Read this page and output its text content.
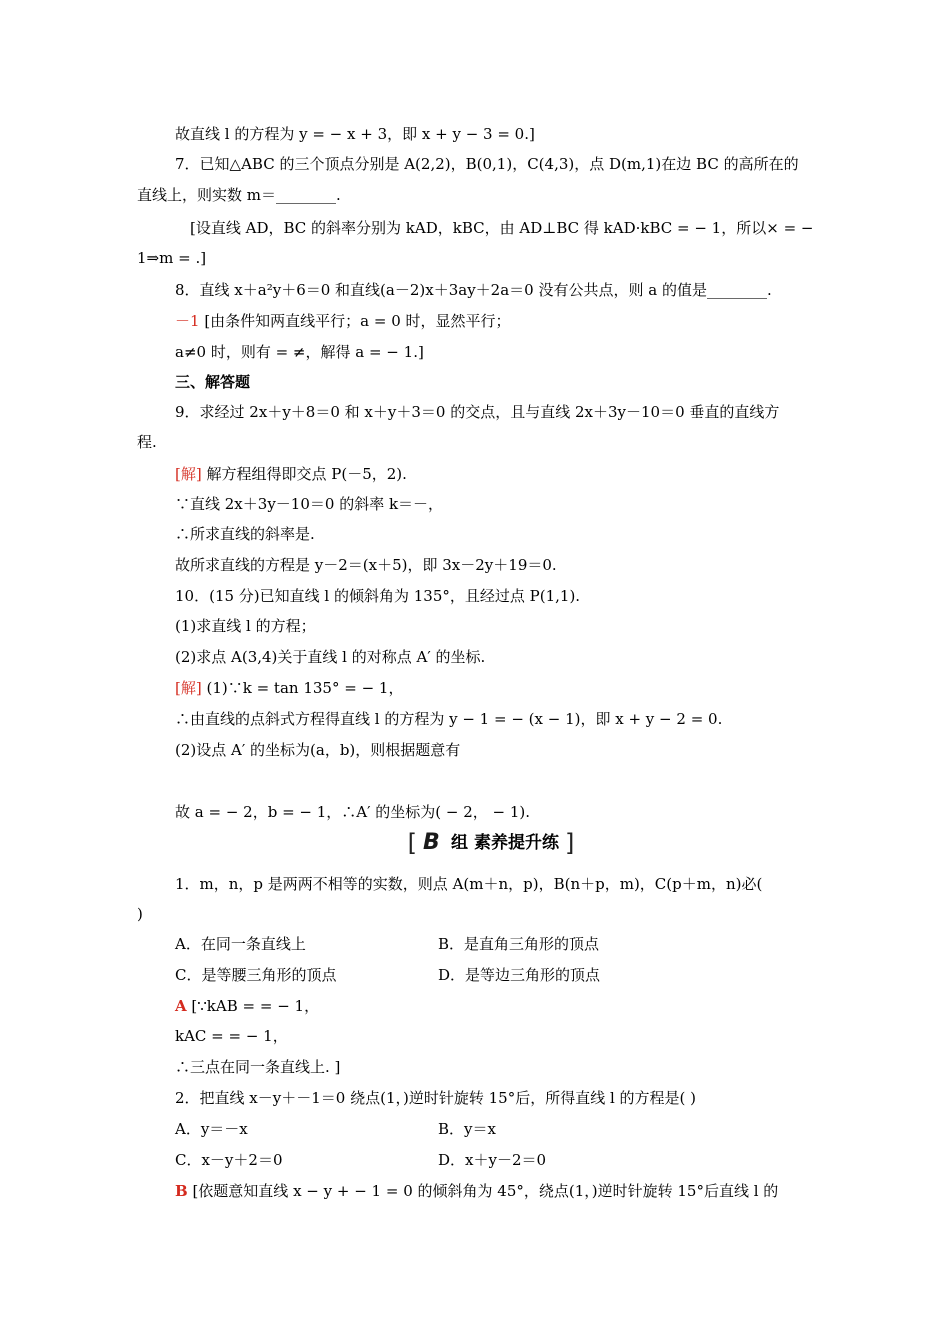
故直线 l 的方程为 y = − x + 3，即 x + y − 3 = 0.]
7．已知△ABC 的三个顶点分别是 A(2,2)，B(0,1)，C(4,3)，点 D(m,1)在边 BC 的高所在的
直线上，则实数 m＝________.
[设直线 AD，BC 的斜率分别为 kAD，kBC，由 AD⊥BC 得 kAD·kBC = − 1，所以× = −
1⇒m = .]
8．直线 x＋a²y＋6＝0 和直线(a－2)x＋3ay＋2a＝0 没有公共点，则 a 的值是________.
－1 [由条件知两直线平行；a = 0 时，显然平行；
a≠0 时，则有 = ≠，解得 a = − 1.]
三、解答题
9．求经过 2x＋y＋8＝0 和 x＋y＋3＝0 的交点，且与直线 2x＋3y－10＝0 垂直的直线方
程.
[解] 解方程组得即交点 P(－5，2).
∵直线 2x＋3y－10＝0 的斜率 k＝－，
∴所求直线的斜率是.
故所求直线的方程是 y－2＝(x＋5)，即 3x－2y＋19＝0.
10．(15 分)已知直线 l 的倾斜角为 135°，且经过点 P(1,1).
(1)求直线 l 的方程；
(2)求点 A(3,4)关于直线 l 的对称点 A′ 的坐标.
[解] (1)∵k = tan 135° = − 1，
∴由直线的点斜式方程得直线 l 的方程为 y − 1 = − (x − 1)，即 x + y − 2 = 0.
(2)设点 A′ 的坐标为(a，b)，则根据题意有
故 a = − 2，b = − 1，∴A′ 的坐标为( − 2， − 1).
[ B 组 素养提升练 ]
1．m，n，p 是两两不相等的实数，则点 A(m＋n，p)，B(n＋p，m)，C(p＋m，n)必(
)
A．在同一条直线上	B．是直角三角形的顶点
C．是等腰三角形的顶点	D．是等边三角形的顶点
A [∵kAB = = − 1，
kAC = = − 1，
∴三点在同一条直线上. ]
2．把直线 x－y＋－1＝0 绕点(1，)逆时针旋转 15°后，所得直线 l 的方程是( )
A．y＝－x	B．y＝x
C．x－y＋2＝0	D．x＋y－2＝0
B [依题意知直线 x − y + − 1 = 0 的倾斜角为 45°，绕点(1，)逆时针旋转 15°后直线 l 的
